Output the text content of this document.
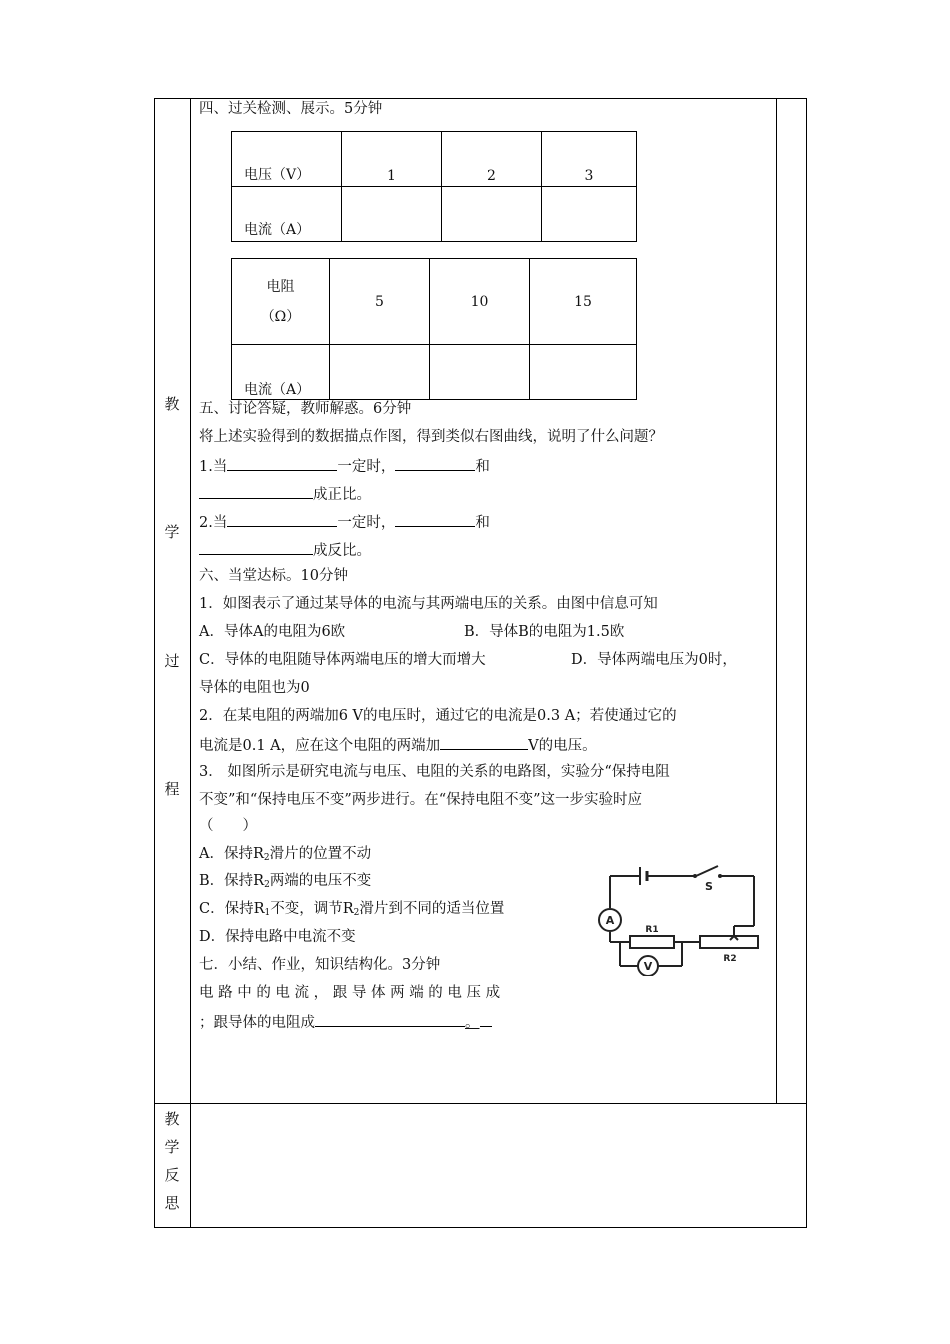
教
学
过
程
教
学
反
思
四、过关检测、展示。5分钟
电压（V）	1	2	3
电流（A）			
电阻
（Ω）	5	10	15
电流（A）			
五、讨论答疑，教师解惑。6分钟
将上述实验得到的数据描点作图，得到类似右图曲线，说明了什么问题？
1.当	一定时，	和
成正比。
2.当	一定时，	和
成反比。
六、当堂达标。10分钟
1．如图表示了通过某导体的电流与其两端电压的关系。由图中信息可知
A．导体A的电阻为6欧	B．导体B的电阻为1.5欧
C．导体的电阻随导体两端电压的增大而增大	D．导体两端电压为0时，
导体的电阻也为0
2．在某电阻的两端加6 V的电压时，通过它的电流是0.3 A；若使通过它的
电流是0.1 A，应在这个电阻的两端加	V的电压。
3． 如图所示是研究电流与电压、电阻的关系的电路图，实验分“保持电阻
不变”和“保持电压不变”两步进行。在“保持电阻不变”这一步实验时应
（　　）
A．保持$R_2$滑片的位置不动
B．保持$R_2$两端的电压不变
C．保持$R_1$不变，调节$R_2$滑片到不同的适当位置
D．保持电路中电流不变
七．小结、作业，知识结构化。3分钟
电 路 中 的 电 流 ， 跟 导 体 两 端 的 电 压 成
；跟导体的电阻成	。
S
A
V
R1
R2
